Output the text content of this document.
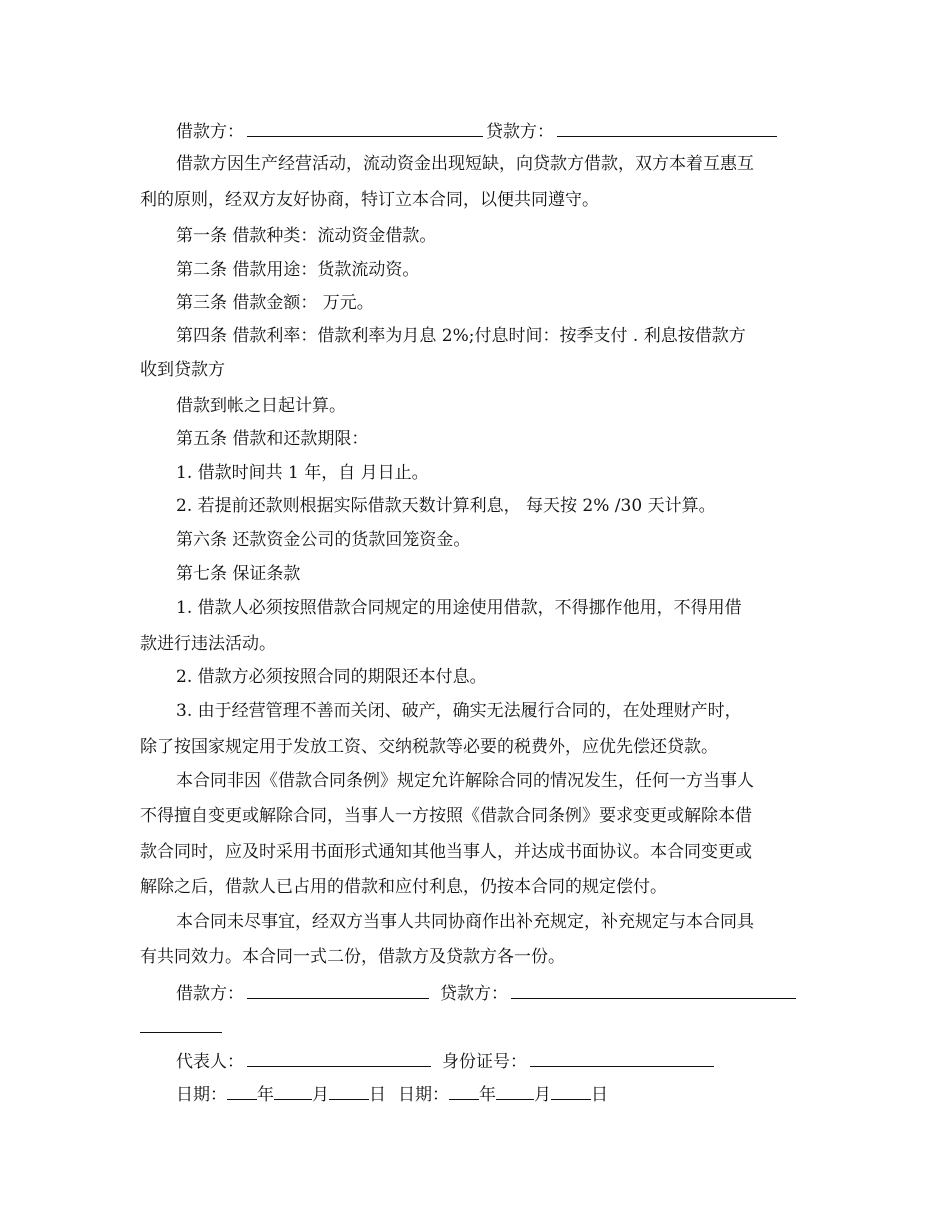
借款方：	贷款方：
借款方因生产经营活动，流动资金出现短缺，向贷款方借款，双方本着互惠互
利的原则，经双方友好协商，特订立本合同，以便共同遵守。
第一条 借款种类：流动资金借款。
第二条 借款用途：货款流动资。
第三条 借款金额： 万元。
第四条 借款利率：借款利率为月息 2%;付息时间：按季支付 . 利息按借款方
收到贷款方
借款到帐之日起计算。
第五条 借款和还款期限：
1. 借款时间共 1 年，自 月日止。
2. 若提前还款则根据实际借款天数计算利息， 每天按 2% /30 天计算。
第六条 还款资金公司的货款回笼资金。
第七条 保证条款
1. 借款人必须按照借款合同规定的用途使用借款，不得挪作他用，不得用借
款进行违法活动。
2. 借款方必须按照合同的期限还本付息。
3. 由于经营管理不善而关闭、破产，确实无法履行合同的，在处理财产时，
除了按国家规定用于发放工资、交纳税款等必要的税费外，应优先偿还贷款。
本合同非因《借款合同条例》规定允许解除合同的情况发生，任何一方当事人
不得擅自变更或解除合同，当事人一方按照《借款合同条例》要求变更或解除本借
款合同时，应及时采用书面形式通知其他当事人，并达成书面协议。本合同变更或
解除之后，借款人已占用的借款和应付利息，仍按本合同的规定偿付。
本合同未尽事宜，经双方当事人共同协商作出补充规定，补充规定与本合同具
有共同效力。本合同一式二份，借款方及贷款方各一份。
借款方：	贷款方：
代表人：	身份证号：
日期： 年 月 日 日期： 年 月 日
